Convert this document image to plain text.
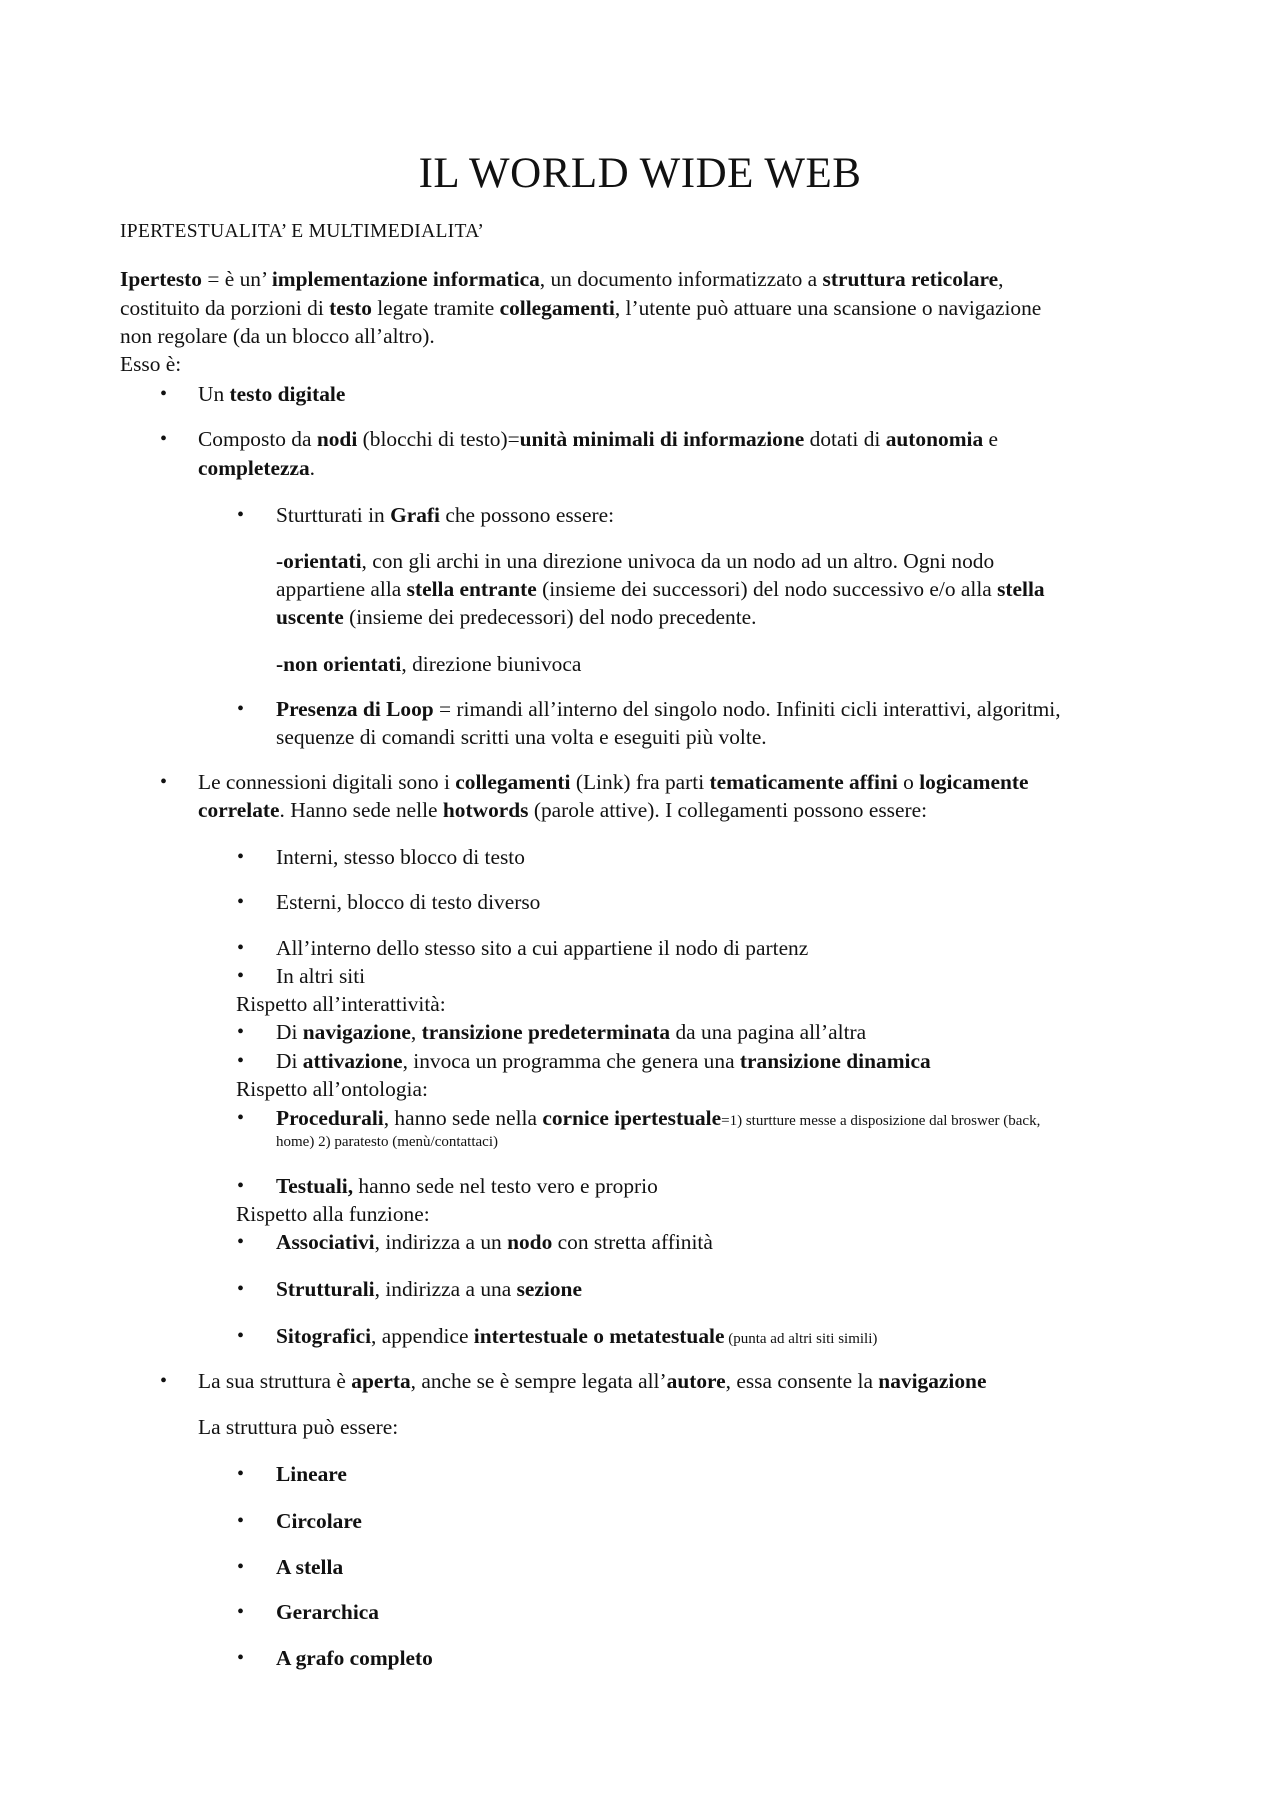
IL WORLD WIDE WEB
IPERTESTUALITA’ E MULTIMEDIALITA’
Ipertesto = è un’ implementazione informatica, un documento informatizzato a struttura reticolare,
costituito da porzioni di testo legate tramite collegamenti, l’utente può attuare una scansione o navigazione
non regolare (da un blocco all’altro).
Esso è:
• Un testo digitale
• Composto da nodi (blocchi di testo)=unità minimali di informazione dotati di autonomia e
completezza.
• Sturtturati in Grafi che possono essere:
-orientati, con gli archi in una direzione univoca da un nodo ad un altro. Ogni nodo
appartiene alla stella entrante (insieme dei successori) del nodo successivo e/o alla stella
uscente (insieme dei predecessori) del nodo precedente.
-non orientati, direzione biunivoca
• Presenza di Loop = rimandi all’interno del singolo nodo. Infiniti cicli interattivi, algoritmi,
sequenze di comandi scritti una volta e eseguiti più volte.
• Le connessioni digitali sono i collegamenti (Link) fra parti tematicamente affini o logicamente
correlate. Hanno sede nelle hotwords (parole attive). I collegamenti possono essere:
• Interni, stesso blocco di testo
• Esterni, blocco di testo diverso
• All’interno dello stesso sito a cui appartiene il nodo di partenz
• In altri siti
Rispetto all’interattività:
• Di navigazione, transizione predeterminata da una pagina all’altra
• Di attivazione, invoca un programma che genera una transizione dinamica
Rispetto all’ontologia:
• Procedurali, hanno sede nella cornice ipertestuale=1) sturtture messe a disposizione dal broswer (back,
home) 2) paratesto (menù/contattaci)
• Testuali, hanno sede nel testo vero e proprio
Rispetto alla funzione:
• Associativi, indirizza a un nodo con stretta affinità
• Strutturali, indirizza a una sezione
• Sitografici, appendice intertestuale o metatestuale (punta ad altri siti simili)
• La sua struttura è aperta, anche se è sempre legata all’autore, essa consente la navigazione
La struttura può essere:
• Lineare
• Circolare
• A stella
• Gerarchica
• A grafo completo
